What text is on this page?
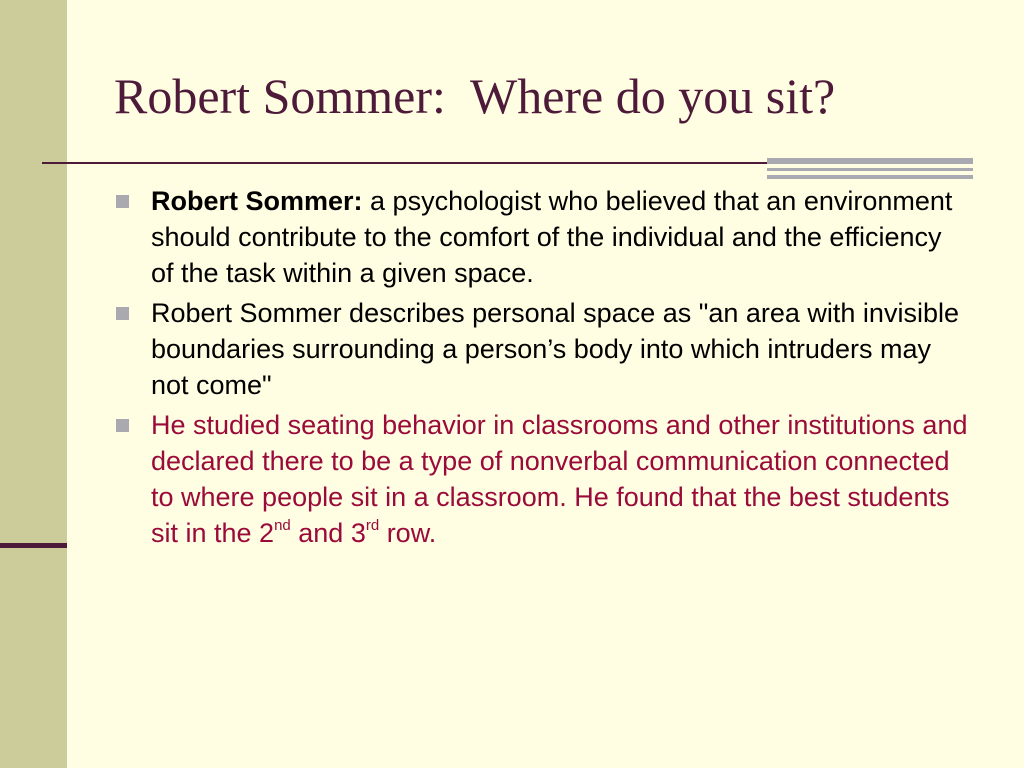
Robert Sommer:  Where do you sit?
Robert Sommer: a psychologist who believed that an environment should contribute to the comfort of the individual and the efficiency of the task within a given space.
Robert Sommer describes personal space as "an area with invisible boundaries surrounding a person’s body into which intruders may not come"
He studied seating behavior in classrooms and other institutions and declared there to be a type of nonverbal communication connected to where people sit in a classroom. He found that the best students sit in the 2nd and 3rd row.
